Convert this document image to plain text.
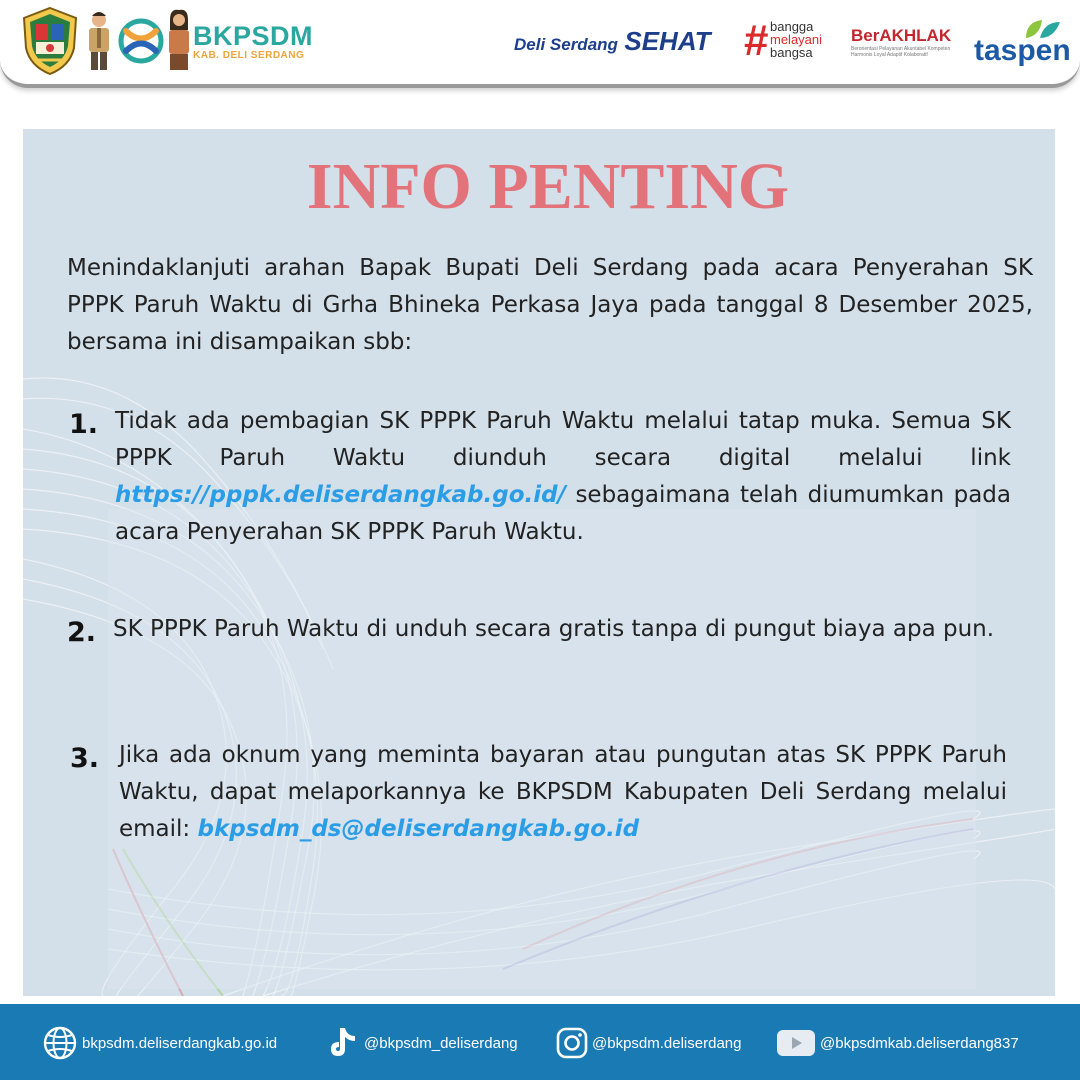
BKPSDM
KAB. DELI SERDANG
Deli Serdang SEHAT # bangga
melayani
bangsa
BerAKHLAK
Berorientasi Pelayanan Akuntabel Kompeten Harmonis Loyal Adaptif Kolaboratif	taspen
INFO PENTING
Menindaklanjuti arahan Bapak Bupati Deli Serdang pada acara Penyerahan SK PPPK Paruh Waktu di Grha Bhineka Perkasa Jaya pada tanggal 8 Desember 2025, bersama ini disampaikan sbb:
1. Tidak ada pembagian SK PPPK Paruh Waktu melalui tatap muka. Semua SK PPPK Paruh Waktu diunduh secara digital melalui link https://pppk.deliserdangkab.go.id/ sebagaimana telah diumumkan pada acara Penyerahan SK PPPK Paruh Waktu.
2. SK PPPK Paruh Waktu di unduh secara gratis tanpa di pungut biaya apa pun.
3. Jika ada oknum yang meminta bayaran atau pungutan atas SK PPPK Paruh Waktu, dapat melaporkannya ke BKPSDM Kabupaten Deli Serdang melalui email: bkpsdm_ds@deliserdangkab.go.id
bkpsdm.deliserdangkab.go.id	@bkpsdm_deliserdang	@bkpsdm.deliserdang	@bkpsdmkab.deliserdang837
